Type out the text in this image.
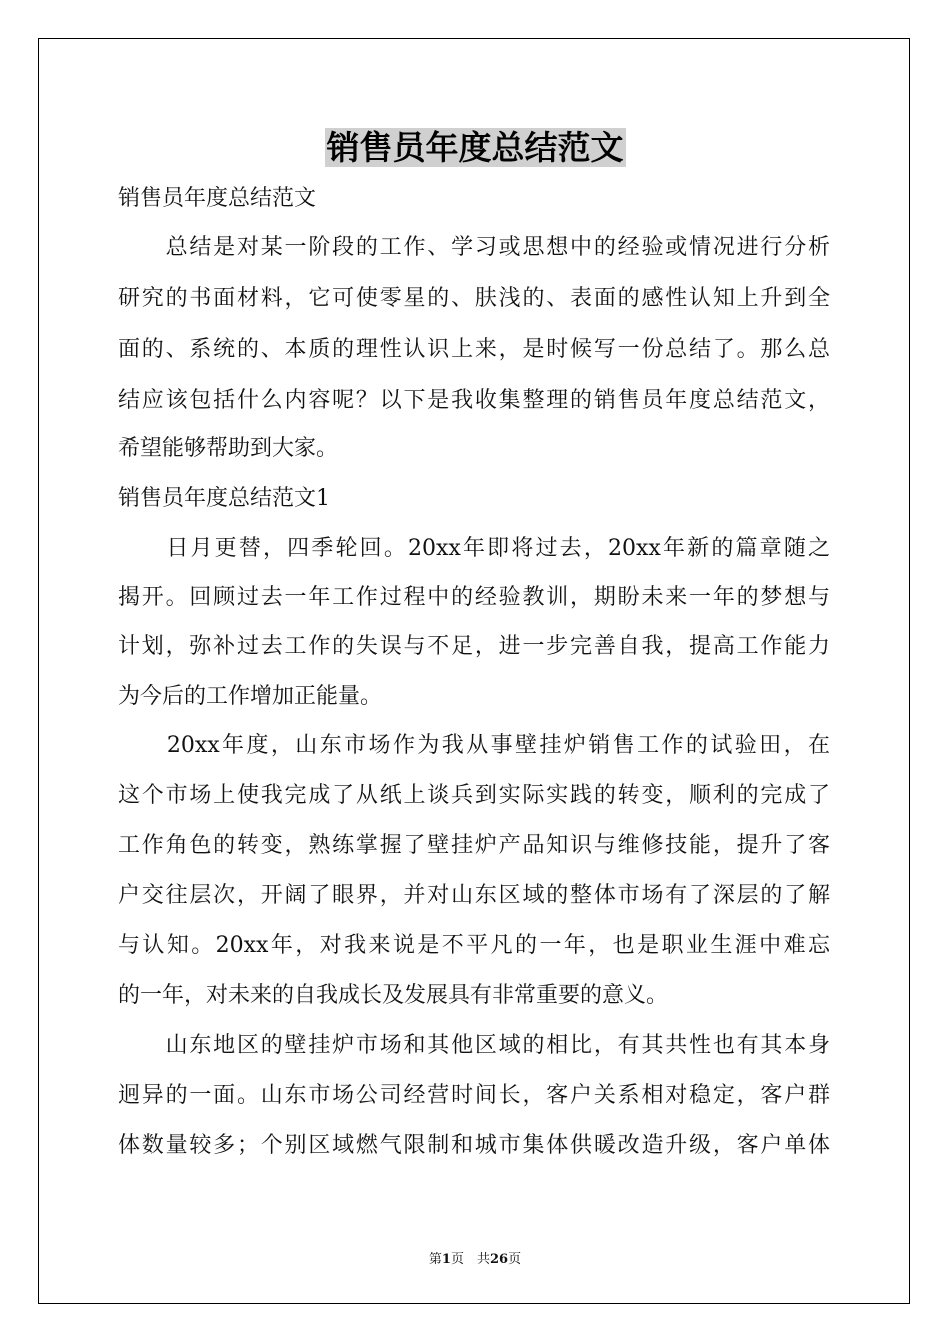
销售员年度总结范文
销售员年度总结范文
　　总结是对某一阶段的工作、学习或思想中的经验或情况进行分析
研究的书面材料，它可使零星的、肤浅的、表面的感性认知上升到全
面的、系统的、本质的理性认识上来，是时候写一份总结了。那么总
结应该包括什么内容呢？以下是我收集整理的销售员年度总结范文，
希望能够帮助到大家。
销售员年度总结范文1
　　日月更替，四季轮回。20xx年即将过去，20xx年新的篇章随之
揭开。回顾过去一年工作过程中的经验教训，期盼未来一年的梦想与
计划，弥补过去工作的失误与不足，进一步完善自我，提高工作能力
为今后的工作增加正能量。
　　20xx年度，山东市场作为我从事壁挂炉销售工作的试验田，在
这个市场上使我完成了从纸上谈兵到实际实践的转变，顺利的完成了
工作角色的转变，熟练掌握了壁挂炉产品知识与维修技能，提升了客
户交往层次，开阔了眼界，并对山东区域的整体市场有了深层的了解
与认知。20xx年，对我来说是不平凡的一年，也是职业生涯中难忘
的一年，对未来的自我成长及发展具有非常重要的意义。
　　山东地区的壁挂炉市场和其他区域的相比，有其共性也有其本身
迥异的一面。山东市场公司经营时间长，客户关系相对稳定，客户群
体数量较多；个别区域燃气限制和城市集体供暖改造升级，客户单体
第1页　共26页
